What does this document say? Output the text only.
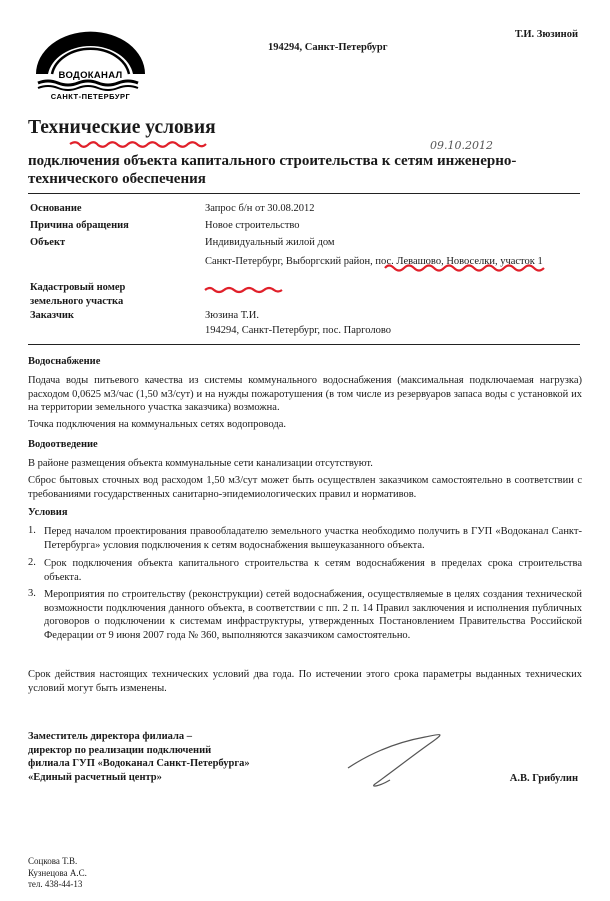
ВОДОКАНАЛ
САНКТ-ПЕТЕРБУРГ
194294, Санкт-Петербург
Т.И. Зюзиной
Технические условия
09.10.2012
подключения объекта капитального строительства к сетям инженерно-технического обеспечения
Основание	Запрос б/н от 30.08.2012
Причина обращения	Новое строительство
Объект	Индивидуальный жилой дом
Санкт-Петербург, Выборгский район, пос. Левашово, Новоселки, участок 1
Кадастровый номер
земельного участка
Заказчик	Зюзина Т.И.
194294, Санкт-Петербург, пос. Парголово
Водоснабжение
Подача воды питьевого качества из системы коммунального водоснабжения (максимальная подключаемая нагрузка) расходом 0,0625 м3/час (1,50 м3/сут) и на нужды пожаротушения (в том числе из резервуаров запаса воды с установкой их на территории земельного участка заказчика) возможна.
Точка подключения на коммунальных сетях водопровода.
Водоотведение
В районе размещения объекта коммунальные сети канализации отсутствуют.
Сброс бытовых сточных вод расходом 1,50 м3/сут может быть осуществлен заказчиком самостоятельно в соответствии с требованиями государственных санитарно-эпидемиологических правил и нормативов.
Условия
1. Перед началом проектирования правообладателю земельного участка необходимо получить в ГУП «Водоканал Санкт-Петербурга» условия подключения к сетям водоснабжения вышеуказанного объекта.
2. Срок подключения объекта капитального строительства к сетям водоснабжения в пределах срока строительства объекта.
3. Мероприятия по строительству (реконструкции) сетей водоснабжения, осуществляемые в целях создания технической возможности подключения данного объекта, в соответствии с пп. 2 п. 14 Правил заключения и исполнения публичных договоров о подключении к системам инфраструктуры, утвержденных Постановлением Правительства Российской Федерации от 9 июня 2007 года № 360, выполняются заказчиком самостоятельно.
Срок действия настоящих технических условий два года. По истечении этого срока параметры выданных технических условий могут быть изменены.
Заместитель директора филиала –
директор по реализации подключений
филиала ГУП «Водоканал Санкт-Петербурга»
«Единый расчетный центр»	А.В. Грибулин
Соцкова Т.В.
Кузнецова А.С.
тел. 438-44-13
